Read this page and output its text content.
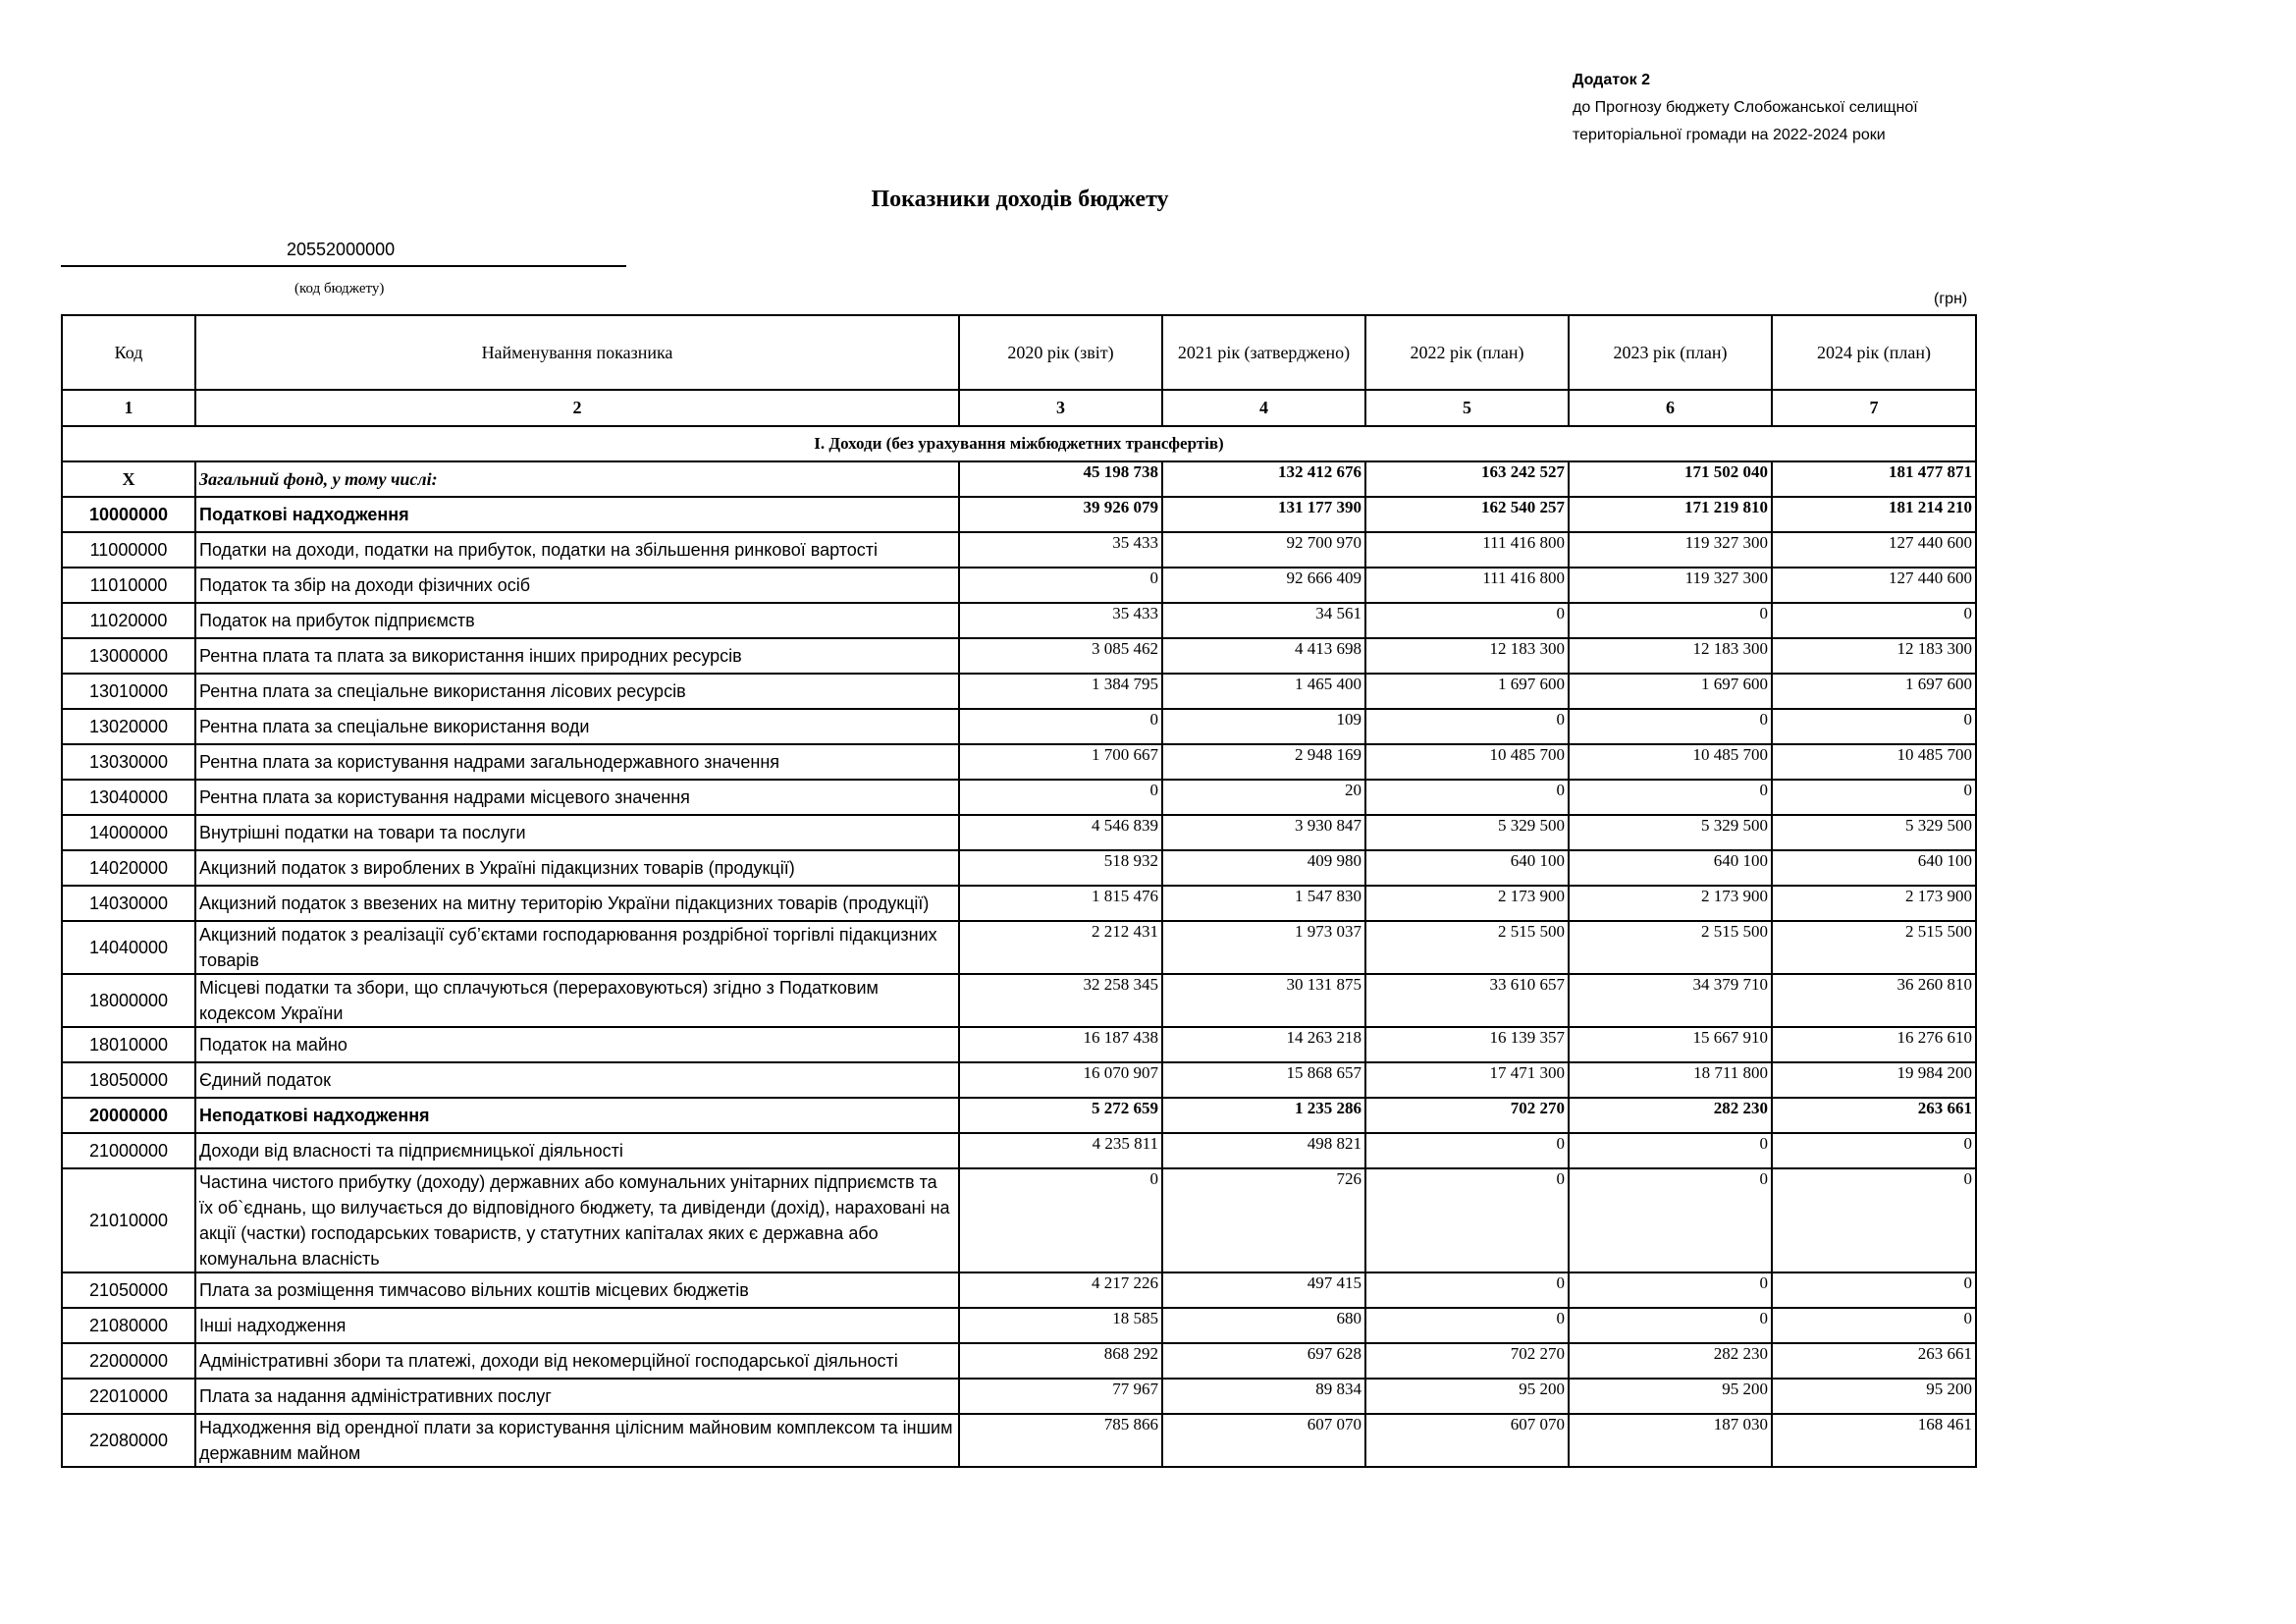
Додаток 2
до Прогнозу бюджету Слобожанської селищної
територіальної громади на 2022-2024 роки
Показники доходів бюджету
20552000000
(код бюджету)
(грн)
Код	Найменування показника	2020 рік (звіт)	2021 рік (затверджено)	2022 рік (план)	2023 рік (план)	2024 рік (план)
1	2	3	4	5	6	7
І. Доходи (без урахування міжбюджетних трансфертів)						
X	Загальний фонд, у тому числі:	45 198 738	132 412 676	163 242 527	171 502 040	181 477 871
10000000	Податкові надходження	39 926 079	131 177 390	162 540 257	171 219 810	181 214 210
11000000	Податки на доходи, податки на прибуток, податки на збільшення ринкової вартості	35 433	92 700 970	111 416 800	119 327 300	127 440 600
11010000	Податок та збір на доходи фізичних осіб	0	92 666 409	111 416 800	119 327 300	127 440 600
11020000	Податок на прибуток підприємств	35 433	34 561	0	0	0
13000000	Рентна плата та плата за використання інших природних ресурсів	3 085 462	4 413 698	12 183 300	12 183 300	12 183 300
13010000	Рентна плата за спеціальне використання лісових ресурсів	1 384 795	1 465 400	1 697 600	1 697 600	1 697 600
13020000	Рентна плата за спеціальне використання води	0	109	0	0	0
13030000	Рентна плата за користування надрами загальнодержавного значення	1 700 667	2 948 169	10 485 700	10 485 700	10 485 700
13040000	Рентна плата за користування надрами місцевого значення	0	20	0	0	0
14000000	Внутрішні податки на товари та послуги	4 546 839	3 930 847	5 329 500	5 329 500	5 329 500
14020000	Акцизний податок з вироблених в Україні підакцизних товарів (продукції)	518 932	409 980	640 100	640 100	640 100
14030000	Акцизний податок з ввезених на митну територію України підакцизних товарів (продукції)	1 815 476	1 547 830	2 173 900	2 173 900	2 173 900
14040000	Акцизний податок з реалізації суб’єктами господарювання роздрібної торгівлі підакцизних товарів	2 212 431	1 973 037	2 515 500	2 515 500	2 515 500
18000000	Місцеві податки та збори, що сплачуються (перераховуються) згідно з Податковим кодексом України	32 258 345	30 131 875	33 610 657	34 379 710	36 260 810
18010000	Податок на майно	16 187 438	14 263 218	16 139 357	15 667 910	16 276 610
18050000	Єдиний податок	16 070 907	15 868 657	17 471 300	18 711 800	19 984 200
20000000	Неподаткові надходження	5 272 659	1 235 286	702 270	282 230	263 661
21000000	Доходи від власності та підприємницької діяльності	4 235 811	498 821	0	0	0
21010000	Частина чистого прибутку (доходу) державних або комунальних унітарних підприємств та їх об`єднань, що вилучається до відповідного бюджету, та дивіденди (дохід), нараховані на акції (частки) господарських товариств, у статутних капіталах яких є державна або комунальна власність	0	726	0	0	0
21050000	Плата за розміщення тимчасово вільних коштів місцевих бюджетів	4 217 226	497 415	0	0	0
21080000	Інші надходження	18 585	680	0	0	0
22000000	Адміністративні збори та платежі, доходи від некомерційної господарської діяльності	868 292	697 628	702 270	282 230	263 661
22010000	Плата за надання адміністративних послуг	77 967	89 834	95 200	95 200	95 200
22080000	Надходження від орендної плати за користування цілісним майновим комплексом та іншим державним майном	785 866	607 070	607 070	187 030	168 461
